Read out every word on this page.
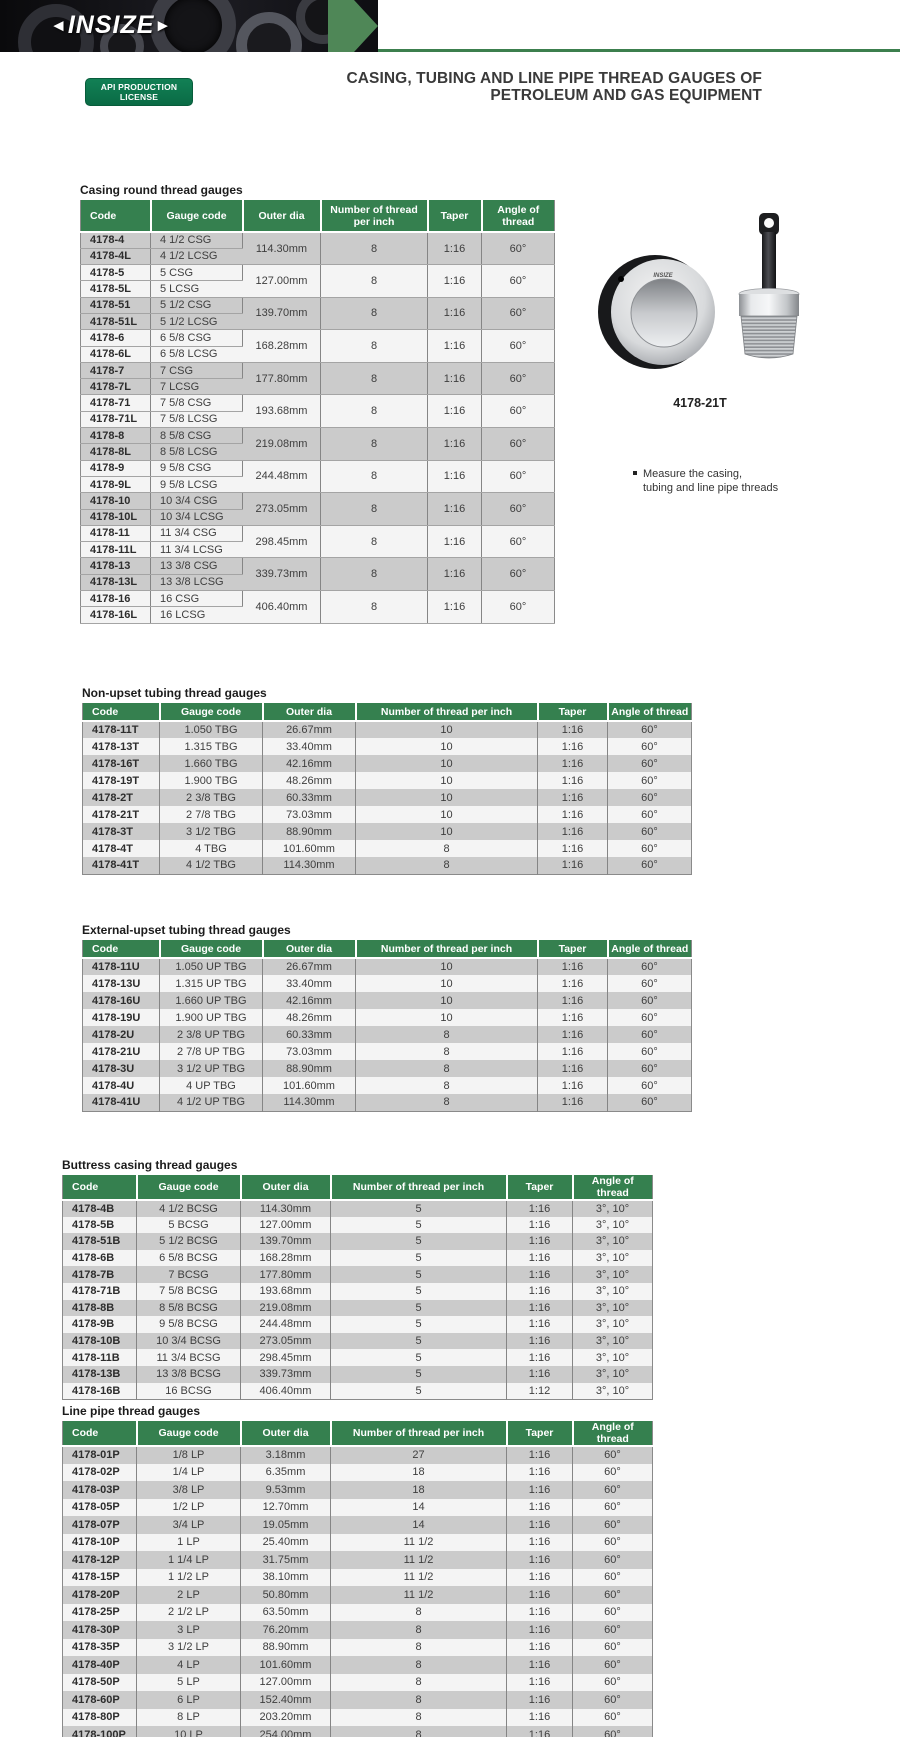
◄INSIZE►
API PRODUCTION LICENSE
CASING, TUBING AND LINE PIPE THREAD GAUGES OF
PETROLEUM AND GAS EQUIPMENT
Casing round thread gauges
Code	Gauge code	Outer dia	Number of thread per inch	Taper	Angle of thread
4178-4	4 1/2 CSG	114.30mm	8	1:16	60°
4178-4L	4 1/2 LCSG				
4178-5	5 CSG	127.00mm	8	1:16	60°
4178-5L	5 LCSG				
4178-51	5 1/2 CSG	139.70mm	8	1:16	60°
4178-51L	5 1/2 LCSG				
4178-6	6 5/8 CSG	168.28mm	8	1:16	60°
4178-6L	6 5/8 LCSG				
4178-7	7 CSG	177.80mm	8	1:16	60°
4178-7L	7 LCSG				
4178-71	7 5/8 CSG	193.68mm	8	1:16	60°
4178-71L	7 5/8 LCSG				
4178-8	8 5/8 CSG	219.08mm	8	1:16	60°
4178-8L	8 5/8 LCSG				
4178-9	9 5/8 CSG	244.48mm	8	1:16	60°
4178-9L	9 5/8 LCSG				
4178-10	10 3/4 CSG	273.05mm	8	1:16	60°
4178-10L	10 3/4 LCSG				
4178-11	11 3/4 CSG	298.45mm	8	1:16	60°
4178-11L	11 3/4 LCSG				
4178-13	13 3/8 CSG	339.73mm	8	1:16	60°
4178-13L	13 3/8 LCSG				
4178-16	16 CSG	406.40mm	8	1:16	60°
4178-16L	16 LCSG				
INSIZE
4178-21T
Measure the casing,
tubing and line pipe threads
Non-upset tubing thread gauges
Code	Gauge code	Outer dia	Number of thread per inch	Taper	Angle of thread
4178-11T	1.050 TBG	26.67mm	10	1:16	60°
4178-13T	1.315 TBG	33.40mm	10	1:16	60°
4178-16T	1.660 TBG	42.16mm	10	1:16	60°
4178-19T	1.900 TBG	48.26mm	10	1:16	60°
4178-2T	2 3/8 TBG	60.33mm	10	1:16	60°
4178-21T	2 7/8 TBG	73.03mm	10	1:16	60°
4178-3T	3 1/2 TBG	88.90mm	10	1:16	60°
4178-4T	4 TBG	101.60mm	8	1:16	60°
4178-41T	4 1/2 TBG	114.30mm	8	1:16	60°
External-upset tubing thread gauges
Code	Gauge code	Outer dia	Number of thread per inch	Taper	Angle of thread
4178-11U	1.050 UP TBG	26.67mm	10	1:16	60°
4178-13U	1.315 UP TBG	33.40mm	10	1:16	60°
4178-16U	1.660 UP TBG	42.16mm	10	1:16	60°
4178-19U	1.900 UP TBG	48.26mm	10	1:16	60°
4178-2U	2 3/8 UP TBG	60.33mm	8	1:16	60°
4178-21U	2 7/8 UP TBG	73.03mm	8	1:16	60°
4178-3U	3 1/2 UP TBG	88.90mm	8	1:16	60°
4178-4U	4 UP TBG	101.60mm	8	1:16	60°
4178-41U	4 1/2 UP TBG	114.30mm	8	1:16	60°
Buttress casing thread gauges
Code	Gauge code	Outer dia	Number of thread per inch	Taper	Angle of thread
4178-4B	4 1/2 BCSG	114.30mm	5	1:16	3°, 10°
4178-5B	5 BCSG	127.00mm	5	1:16	3°, 10°
4178-51B	5 1/2 BCSG	139.70mm	5	1:16	3°, 10°
4178-6B	6 5/8 BCSG	168.28mm	5	1:16	3°, 10°
4178-7B	7 BCSG	177.80mm	5	1:16	3°, 10°
4178-71B	7 5/8 BCSG	193.68mm	5	1:16	3°, 10°
4178-8B	8 5/8 BCSG	219.08mm	5	1:16	3°, 10°
4178-9B	9 5/8 BCSG	244.48mm	5	1:16	3°, 10°
4178-10B	10 3/4 BCSG	273.05mm	5	1:16	3°, 10°
4178-11B	11 3/4 BCSG	298.45mm	5	1:16	3°, 10°
4178-13B	13 3/8 BCSG	339.73mm	5	1:16	3°, 10°
4178-16B	16 BCSG	406.40mm	5	1:12	3°, 10°
Line pipe thread gauges
Code	Gauge code	Outer dia	Number of thread per inch	Taper	Angle of thread
4178-01P	1/8 LP	3.18mm	27	1:16	60°
4178-02P	1/4 LP	6.35mm	18	1:16	60°
4178-03P	3/8 LP	9.53mm	18	1:16	60°
4178-05P	1/2 LP	12.70mm	14	1:16	60°
4178-07P	3/4 LP	19.05mm	14	1:16	60°
4178-10P	1 LP	25.40mm	11 1/2	1:16	60°
4178-12P	1 1/4 LP	31.75mm	11 1/2	1:16	60°
4178-15P	1 1/2 LP	38.10mm	11 1/2	1:16	60°
4178-20P	2 LP	50.80mm	11 1/2	1:16	60°
4178-25P	2 1/2 LP	63.50mm	8	1:16	60°
4178-30P	3 LP	76.20mm	8	1:16	60°
4178-35P	3 1/2 LP	88.90mm	8	1:16	60°
4178-40P	4 LP	101.60mm	8	1:16	60°
4178-50P	5 LP	127.00mm	8	1:16	60°
4178-60P	6 LP	152.40mm	8	1:16	60°
4178-80P	8 LP	203.20mm	8	1:16	60°
4178-100P	10 LP	254.00mm	8	1:16	60°
